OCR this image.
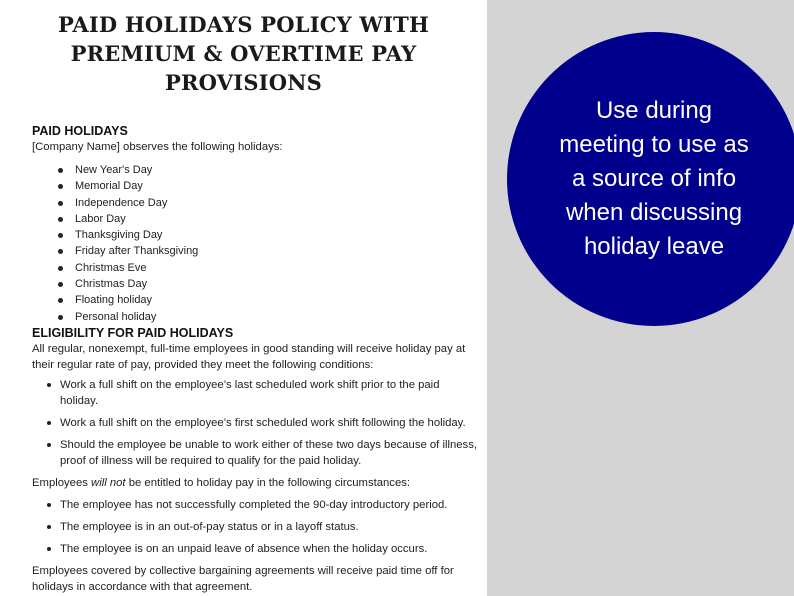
PAID HOLIDAYS POLICY WITH
PREMIUM & OVERTIME PAY
PROVISIONS
PAID HOLIDAYS
[Company Name] observes the following holidays:
New Year's Day
Memorial Day
Independence Day
Labor Day
Thanksgiving Day
Friday after Thanksgiving
Christmas Eve
Christmas Day
Floating holiday
Personal holiday
ELIGIBILITY FOR PAID HOLIDAYS
All regular, nonexempt, full-time employees in good standing will receive holiday pay at their regular rate of pay, provided they meet the following conditions:
Work a full shift on the employee’s last scheduled work shift prior to the paid holiday.
Work a full shift on the employee’s first scheduled work shift following the holiday.
Should the employee be unable to work either of these two days because of illness, proof of illness will be required to qualify for the paid holiday.
Employees will not be entitled to holiday pay in the following circumstances:
The employee has not successfully completed the 90-day introductory period.
The employee is in an out-of-pay status or in a layoff status.
The employee is on an unpaid leave of absence when the holiday occurs.
Employees covered by collective bargaining agreements will receive paid time off for holidays in accordance with that agreement.
Use during meeting to use as a source of info when discussing holiday leave
